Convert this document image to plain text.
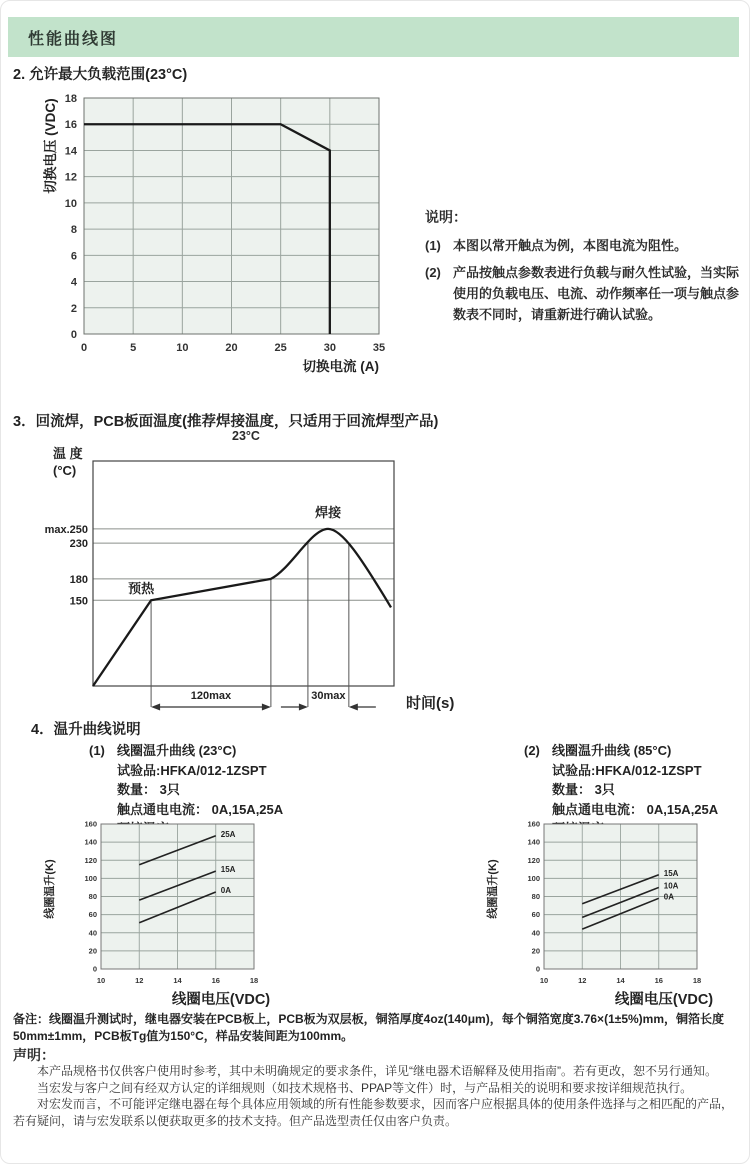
性能曲线图
2. 允许最大负载范围(23°C)
0	5	10	20	25	30	35
0
2
4
6
8
10
12
14
16
18
切换电压 (VDC)
切换电流 (A)
说明：
(1) 本图以常开触点为例，本图电流为阻性。
(2) 产品按触点参数表进行负载与耐久性试验，当实际使用的负载电压、电流、动作频率任一项与触点参数表不同时，请重新进行确认试验。
3．回流焊，PCB板面温度(推荐焊接温度，只适用于回流焊型产品)
23°C
温 度
(°C)
max.250
230
180
150
预热
焊接
120max	30max	时间(s)
4．温升曲线说明
(1) 线圈温升曲线 (23°C)
试验品:HFKA/012-1ZSPT
数量： 3只
触点通电电流： 0A,15A,25A
(2) 线圈温升曲线 (85°C)
试验品:HFKA/012-1ZSPT
数量： 3只
触点通电电流： 0A,15A,25A
10	12	14	16	18
0
20
40
60
80
100
120
140
160
25A
15A
0A
线圈温升(K)
线圈电压(VDC)
10	12	14	16	18
0
20
40
60
80
100
120
140
160
15A
10A
0A
线圈温升(K)
线圈电压(VDC)

备注：线圈温升测试时，继电器安装在PCB板上，PCB板为双层板，铜箔厚度4oz(140μm)，每个铜箔宽度3.76×(1±5%)mm，铜箔长度50mm±1mm，PCB板Tg值为150°C，样品安装间距为100mm。

声明：

本产品规格书仅供客户使用时参考，其中未明确规定的要求条件，详见“继电器术语解释及使用指南”。若有更改，恕不另行通知。

当宏发与客户之间有经双方认定的详细规则（如技术规格书、PPAP等文件）时，与产品相关的说明和要求按详细规范执行。

对宏发而言，不可能评定继电器在每个具体应用领域的所有性能参数要求，因而客户应根据具体的使用条件选择与之相匹配的产品，若有疑问，请与宏发联系以便获取更多的技术支持。但产品选型责任仅由客户负责。
